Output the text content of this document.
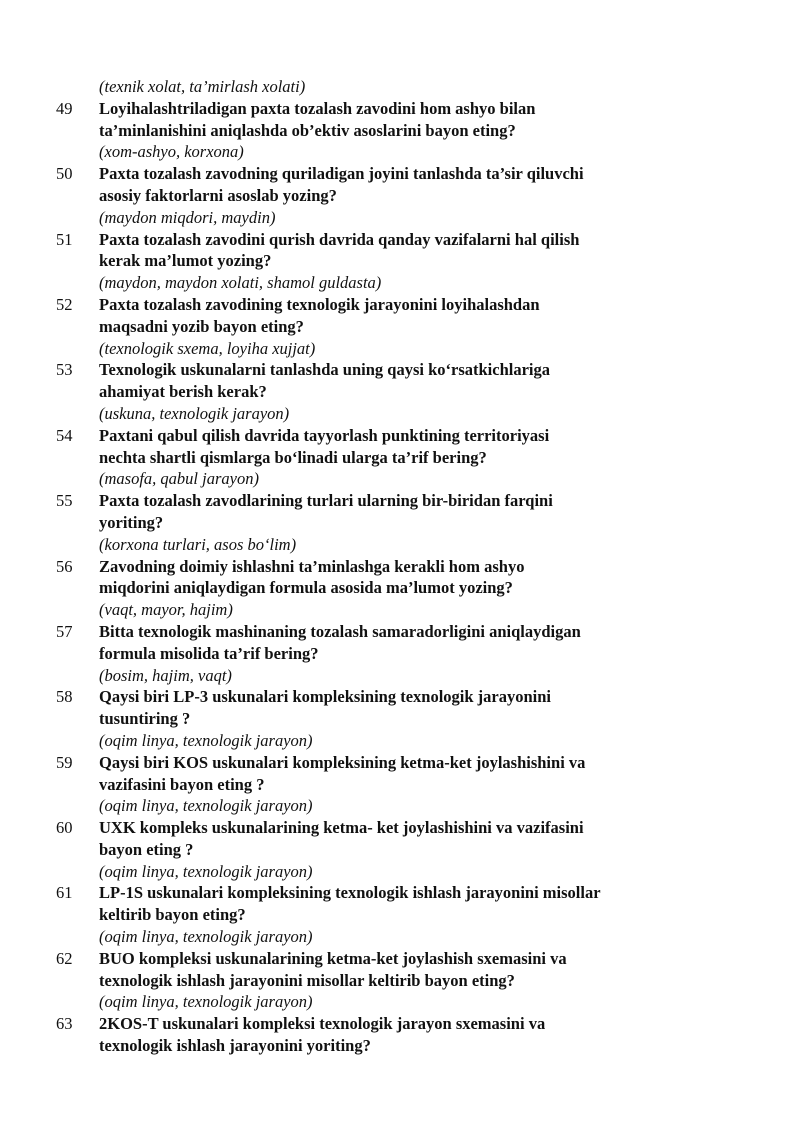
(texnik xolat, ta’mirlash xolati)
49	Loyihalashtriladigan paxta tozalash zavodini hom ashyo bilan
ta’minlanishini aniqlashda ob’ektiv asoslarini bayon eting?
(xom-ashyo, korxona)
50	Paxta tozalash zavodning quriladigan joyini tanlashda ta’sir qiluvchi
asosiy faktorlarni asoslab yozing?
(maydon miqdori, maydin)
51	Paxta tozalash zavodini qurish davrida qanday vazifalarni hal qilish
kerak ma’lumot yozing?
(maydon, maydon xolati, shamol guldasta)
52	Paxta tozalash zavodining texnologik jarayonini loyihalashdan
maqsadni yozib bayon eting?
(texnologik sxema, loyiha xujjat)
53	Texnologik uskunalarni tanlashda uning qaysi ko‘rsatkichlariga
ahamiyat berish kerak?
(uskuna, texnologik jarayon)
54	Paxtani qabul qilish davrida tayyorlash punktining territoriyasi
nechta shartli qismlarga bo‘linadi ularga ta’rif bering?
(masofa, qabul jarayon)
55	Paxta tozalash zavodlarining turlari ularning bir-biridan farqini
yoriting?
(korxona turlari, asos bo‘lim)
56	Zavodning doimiy ishlashni ta’minlashga kerakli hom ashyo
miqdorini aniqlaydigan formula asosida ma’lumot yozing?
(vaqt, mayor, hajim)
57	Bitta texnologik mashinaning tozalash samaradorligini aniqlaydigan
formula misolida ta’rif bering?
(bosim, hajim, vaqt)
58	Qaysi biri LP-3 uskunalari kompleksining texnologik jarayonini
tusuntiring ?
(oqim linya, texnologik jarayon)
59	Qaysi biri KOS uskunalari kompleksining ketma-ket joylashishini va
vazifasini bayon eting ?
(oqim linya, texnologik jarayon)
60	UXK kompleks uskunalarining ketma- ket joylashishini va vazifasini
bayon eting ?
(oqim linya, texnologik jarayon)
61	LP-1S uskunalari kompleksining texnologik ishlash jarayonini misollar
keltirib bayon eting?
(oqim linya, texnologik jarayon)
62	BUO kompleksi uskunalarining ketma-ket joylashish sxemasini va
texnologik ishlash jarayonini misollar keltirib bayon eting?
(oqim linya, texnologik jarayon)
63	2KOS-T uskunalari kompleksi texnologik jarayon sxemasini va
texnologik ishlash jarayonini yoriting?
